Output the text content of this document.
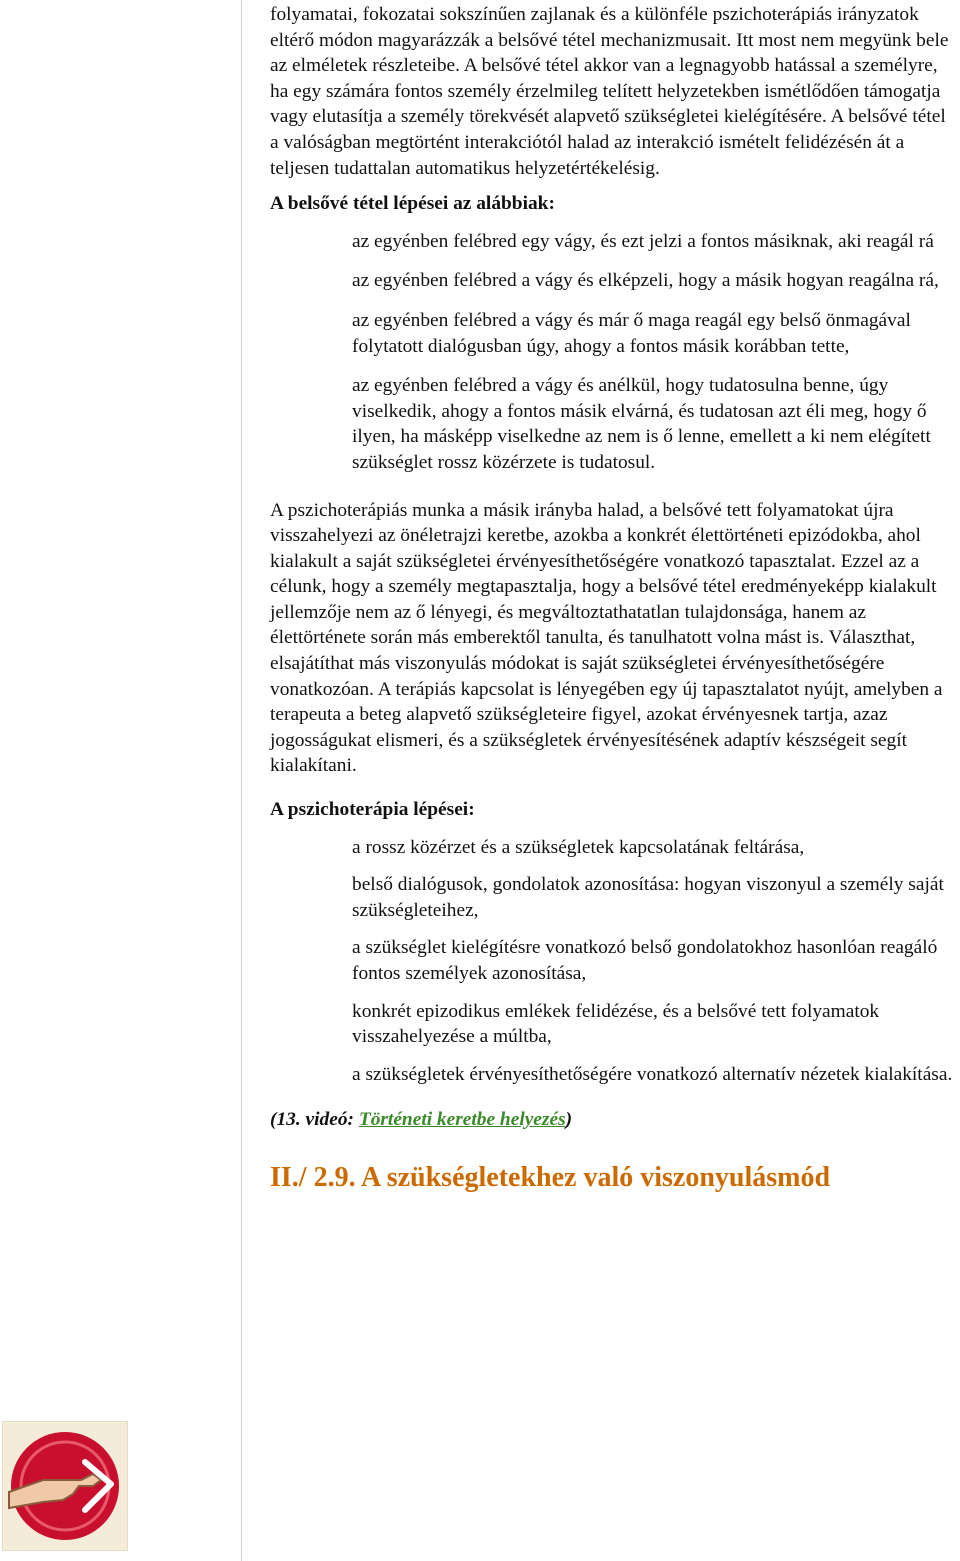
folyamatai, fokozatai sokszínűen zajlanak és a különféle pszichoterápiás irányzatok eltérő módon magyarázzák a belsővé tétel mechanizmusait. Itt most nem megyünk bele az elméletek részleteibe. A belsővé tétel akkor van a legnagyobb hatással a személyre, ha egy számára fontos személy érzelmileg telített helyzetekben ismétlődően támogatja vagy elutasítja a személy törekvését alapvető szükségletei kielégítésére. A belsővé tétel a valóságban megtörtént interakciótól halad az interakció ismételt felidézésén át a teljesen tudattalan automatikus helyzetértékelésig.

A belsővé tétel lépései az alábbiak:

az egyénben felébred egy vágy, és ezt jelzi a fontos másiknak, aki reagál rá
az egyénben felébred a vágy és elképzeli, hogy a másik hogyan reagálna rá,
az egyénben felébred a vágy és már ő maga reagál egy belső önmagával folytatott dialógusban úgy, ahogy a fontos másik korábban tette,
az egyénben felébred a vágy és anélkül, hogy tudatosulna benne, úgy viselkedik, ahogy a fontos másik elvárná, és tudatosan azt éli meg, hogy ő ilyen, ha másképp viselkedne az nem is ő lenne, emellett a ki nem elégített szükséglet rossz közérzete is tudatosul.

A pszichoterápiás munka a másik irányba halad, a belsővé tett folyamatokat újra visszahelyezi az önéletrajzi keretbe, azokba a konkrét élettörténeti epizódokba, ahol kialakult a saját szükségletei érvényesíthetőségére vonatkozó tapasztalat. Ezzel az a célunk, hogy a személy megtapasztalja, hogy a belsővé tétel eredményeképp kialakult jellemzője nem az ő lényegi, és megváltoztathatatlan tulajdonsága, hanem az élettörténete során más emberektől tanulta, és tanulhatott volna mást is. Választhat, elsajátíthat más viszonyulás módokat is saját szükségletei érvényesíthetőségére vonatkozóan. A terápiás kapcsolat is lényegében egy új tapasztalatot nyújt, amelyben a terapeuta a beteg alapvető szükségleteire figyel, azokat érvényesnek tartja, azaz jogosságukat elismeri, és a szükségletek érvényesítésének adaptív készségeit segít kialakítani.

A pszichoterápia lépései:

a rossz közérzet és a szükségletek kapcsolatának feltárása,
belső dialógusok, gondolatok azonosítása: hogyan viszonyul a személy saját szükségleteihez,
a szükséglet kielégítésre vonatkozó belső gondolatokhoz hasonlóan reagáló fontos személyek azonosítása,
konkrét epizodikus emlékek felidézése, és a belsővé tett folyamatok visszahelyezése a múltba,
a szükségletek érvényesíthetőségére vonatkozó alternatív nézetek kialakítása.

(13. videó: Történeti keretbe helyezés)

II./ 2.9. A szükségletekhez való viszonyulásmód
